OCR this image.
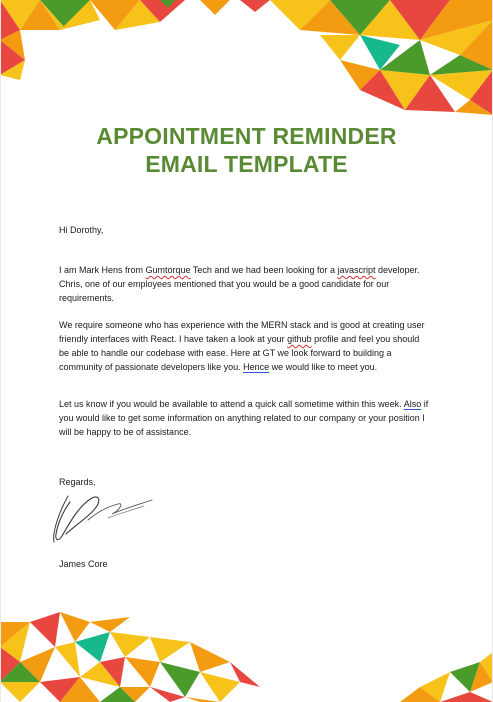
APPOINTMENT REMINDER
EMAIL TEMPLATE

Hi Dorothy,

I am Mark Hens from Gumtorque Tech and we had been looking for a javascript developer. Chris, one of our employees mentioned that you would be a good candidate for our requirements.

We require someone who has experience with the MERN stack and is good at creating user friendly interfaces with React. I have taken a look at your github profile and feel you should be able to handle our codebase with ease. Here at GT we look forward to building a community of passionate developers like you. Hence we would like to meet you.

Let us know if you would be available to attend a quick call sometime within this week. Also if you would like to get some information on anything related to our company or your position I will be happy to be of assistance.

Regards,

James Core
